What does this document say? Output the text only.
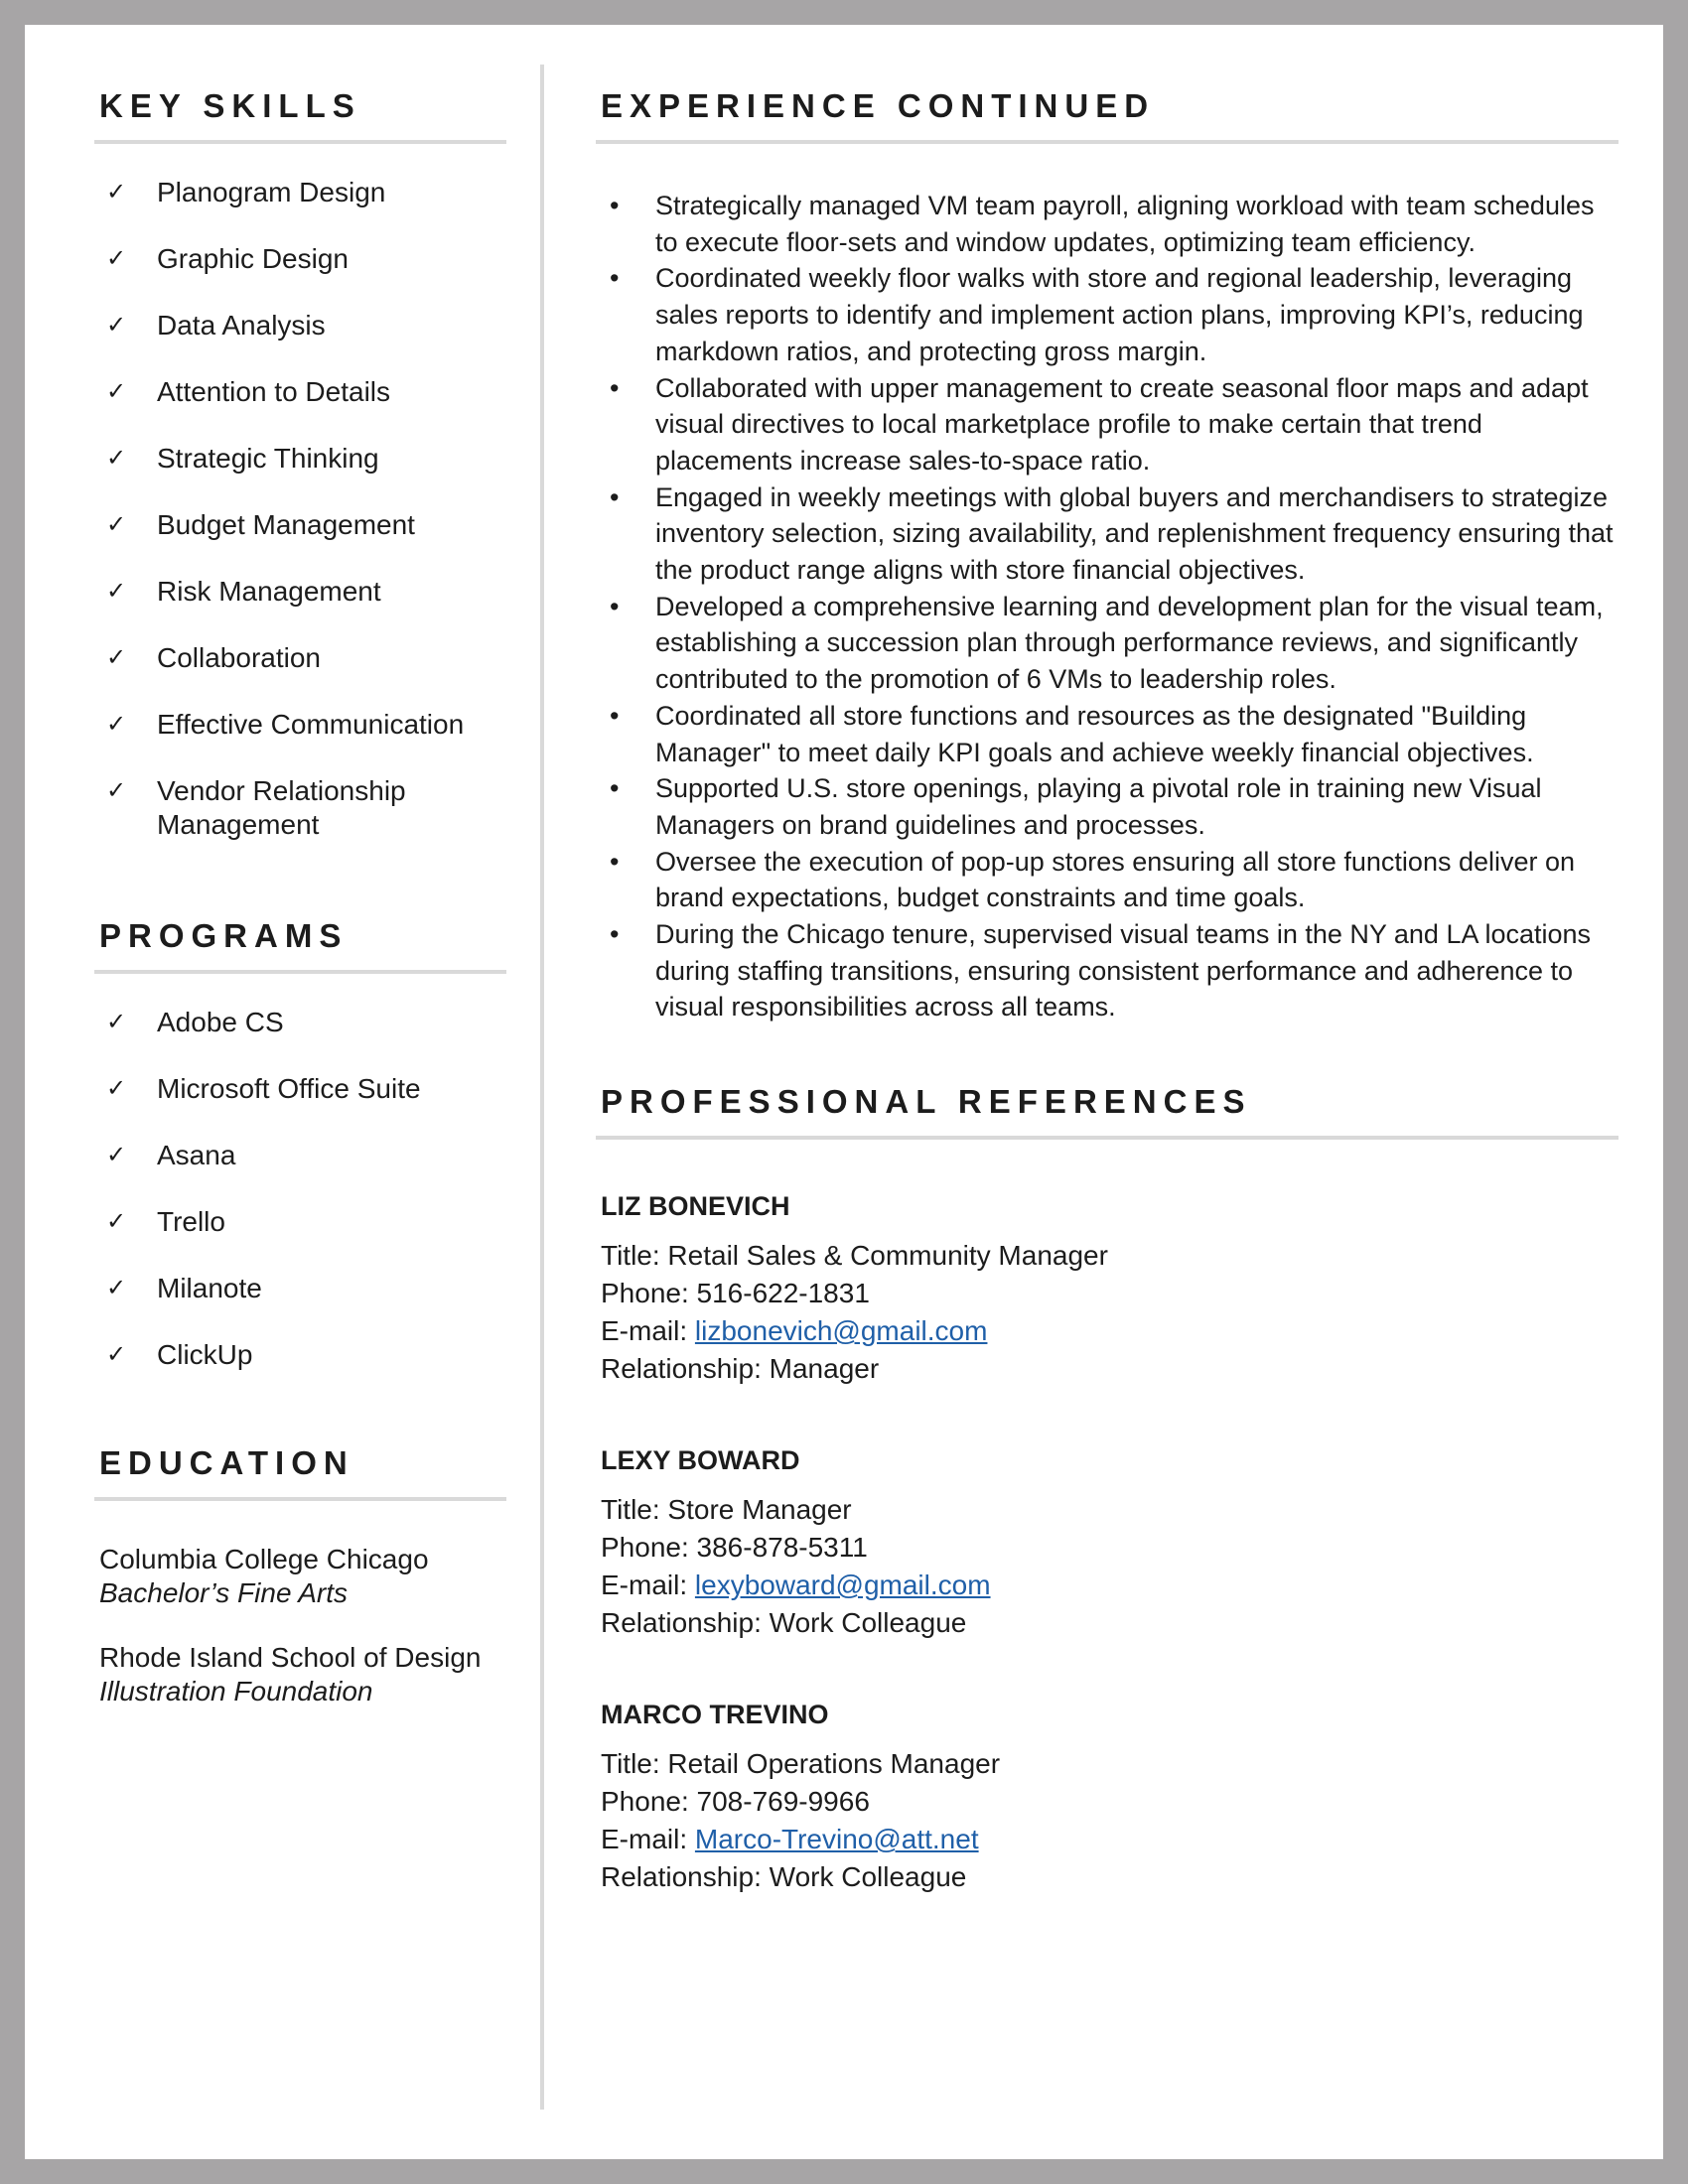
KEY SKILLS
✓ Planogram Design
✓ Graphic Design
✓ Data Analysis
✓ Attention to Details
✓ Strategic Thinking
✓ Budget Management
✓ Risk Management
✓ Collaboration
✓ Effective Communication
✓ Vendor Relationship Management
PROGRAMS
✓ Adobe CS
✓ Microsoft Office Suite
✓ Asana
✓ Trello
✓ Milanote
✓ ClickUp
EDUCATION
Columbia College Chicago
Bachelor’s Fine Arts
Rhode Island School of Design
Illustration Foundation
EXPERIENCE CONTINUED
• Strategically managed VM team payroll, aligning workload with team schedules to execute floor-sets and window updates, optimizing team efficiency.
• Coordinated weekly floor walks with store and regional leadership, leveraging sales reports to identify and implement action plans, improving KPI’s, reducing markdown ratios, and protecting gross margin.
• Collaborated with upper management to create seasonal floor maps and adapt visual directives to local marketplace profile to make certain that trend placements increase sales-to-space ratio.
• Engaged in weekly meetings with global buyers and merchandisers to strategize inventory selection, sizing availability, and replenishment frequency ensuring that the product range aligns with store financial objectives.
• Developed a comprehensive learning and development plan for the visual team, establishing a succession plan through performance reviews, and significantly contributed to the promotion of 6 VMs to leadership roles.
• Coordinated all store functions and resources as the designated "Building Manager" to meet daily KPI goals and achieve weekly financial objectives.
• Supported U.S. store openings, playing a pivotal role in training new Visual Managers on brand guidelines and processes.
• Oversee the execution of pop-up stores ensuring all store functions deliver on brand expectations, budget constraints and time goals.
• During the Chicago tenure, supervised visual teams in the NY and LA locations during staffing transitions, ensuring consistent performance and adherence to visual responsibilities across all teams.
PROFESSIONAL REFERENCES
LIZ BONEVICH
Title: Retail Sales & Community Manager
Phone: 516-622-1831
E-mail: lizbonevich@gmail.com
Relationship: Manager
LEXY BOWARD
Title: Store Manager
Phone: 386-878-5311
E-mail: lexyboward@gmail.com
Relationship: Work Colleague
MARCO TREVINO
Title: Retail Operations Manager
Phone: 708-769-9966
E-mail: Marco-Trevino@att.net
Relationship: Work Colleague
